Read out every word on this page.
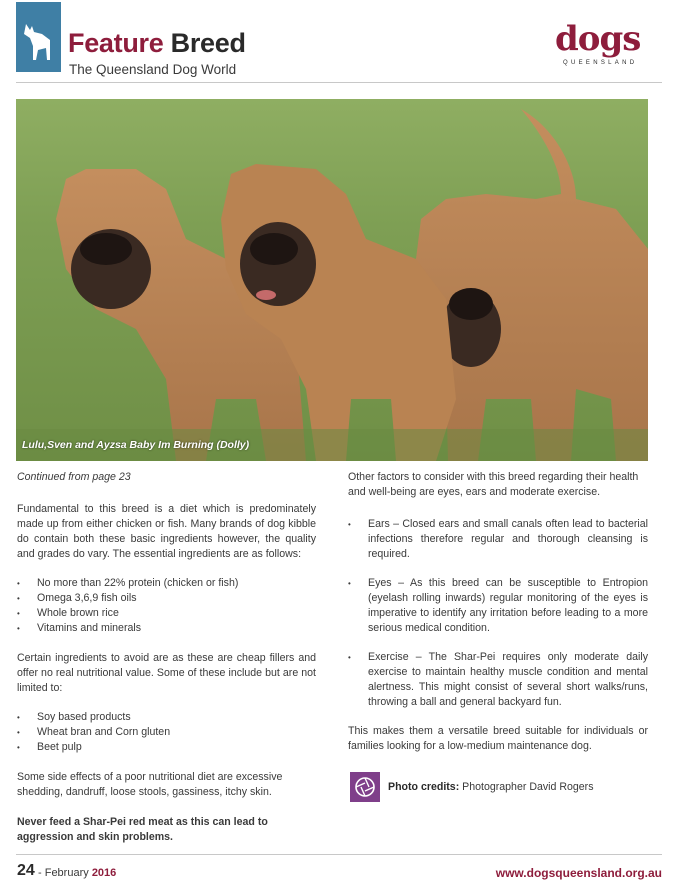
Feature Breed
The Queensland Dog World
dogs
QUEENSLAND
Lulu,Sven and Ayzsa Baby Im Burning (Dolly)
Continued from page 23

Fundamental to this breed is a diet which is predominately made up from either chicken or fish. Many brands of dog kibble do contain both these basic ingredients however, the quality and grades do vary. The essential ingredients are as follows:

• No more than 22% protein (chicken or fish)
• Omega 3,6,9 fish oils
• Whole brown rice
• Vitamins and minerals

Certain ingredients to avoid are as these are cheap fillers and offer no real nutritional value. Some of these include but are not limited to:

• Soy based products
• Wheat bran and Corn gluten
• Beet pulp

Some side effects of a poor nutritional diet are excessive shedding, dandruff, loose stools, gassiness, itchy skin.

Never feed a Shar-Pei red meat as this can lead to aggression and skin problems.

Other factors to consider with this breed regarding their health and well-being are eyes, ears and moderate exercise.

• Ears – Closed ears and small canals often lead to bacterial infections therefore regular and thorough cleansing is required.

• Eyes – As this breed can be susceptible to Entropion (eyelash rolling inwards) regular monitoring of the eyes is imperative to identify any irritation before leading to a more serious medical condition.

• Exercise – The Shar-Pei requires only moderate daily exercise to maintain healthy muscle condition and mental alertness. This might consist of several short walks/runs, throwing a ball and general backyard fun.

This makes them a versatile breed suitable for individuals or families looking for a low-medium maintenance dog.

Photo credits: Photographer David Rogers
24 - February 2016	www.dogsqueensland.org.au
